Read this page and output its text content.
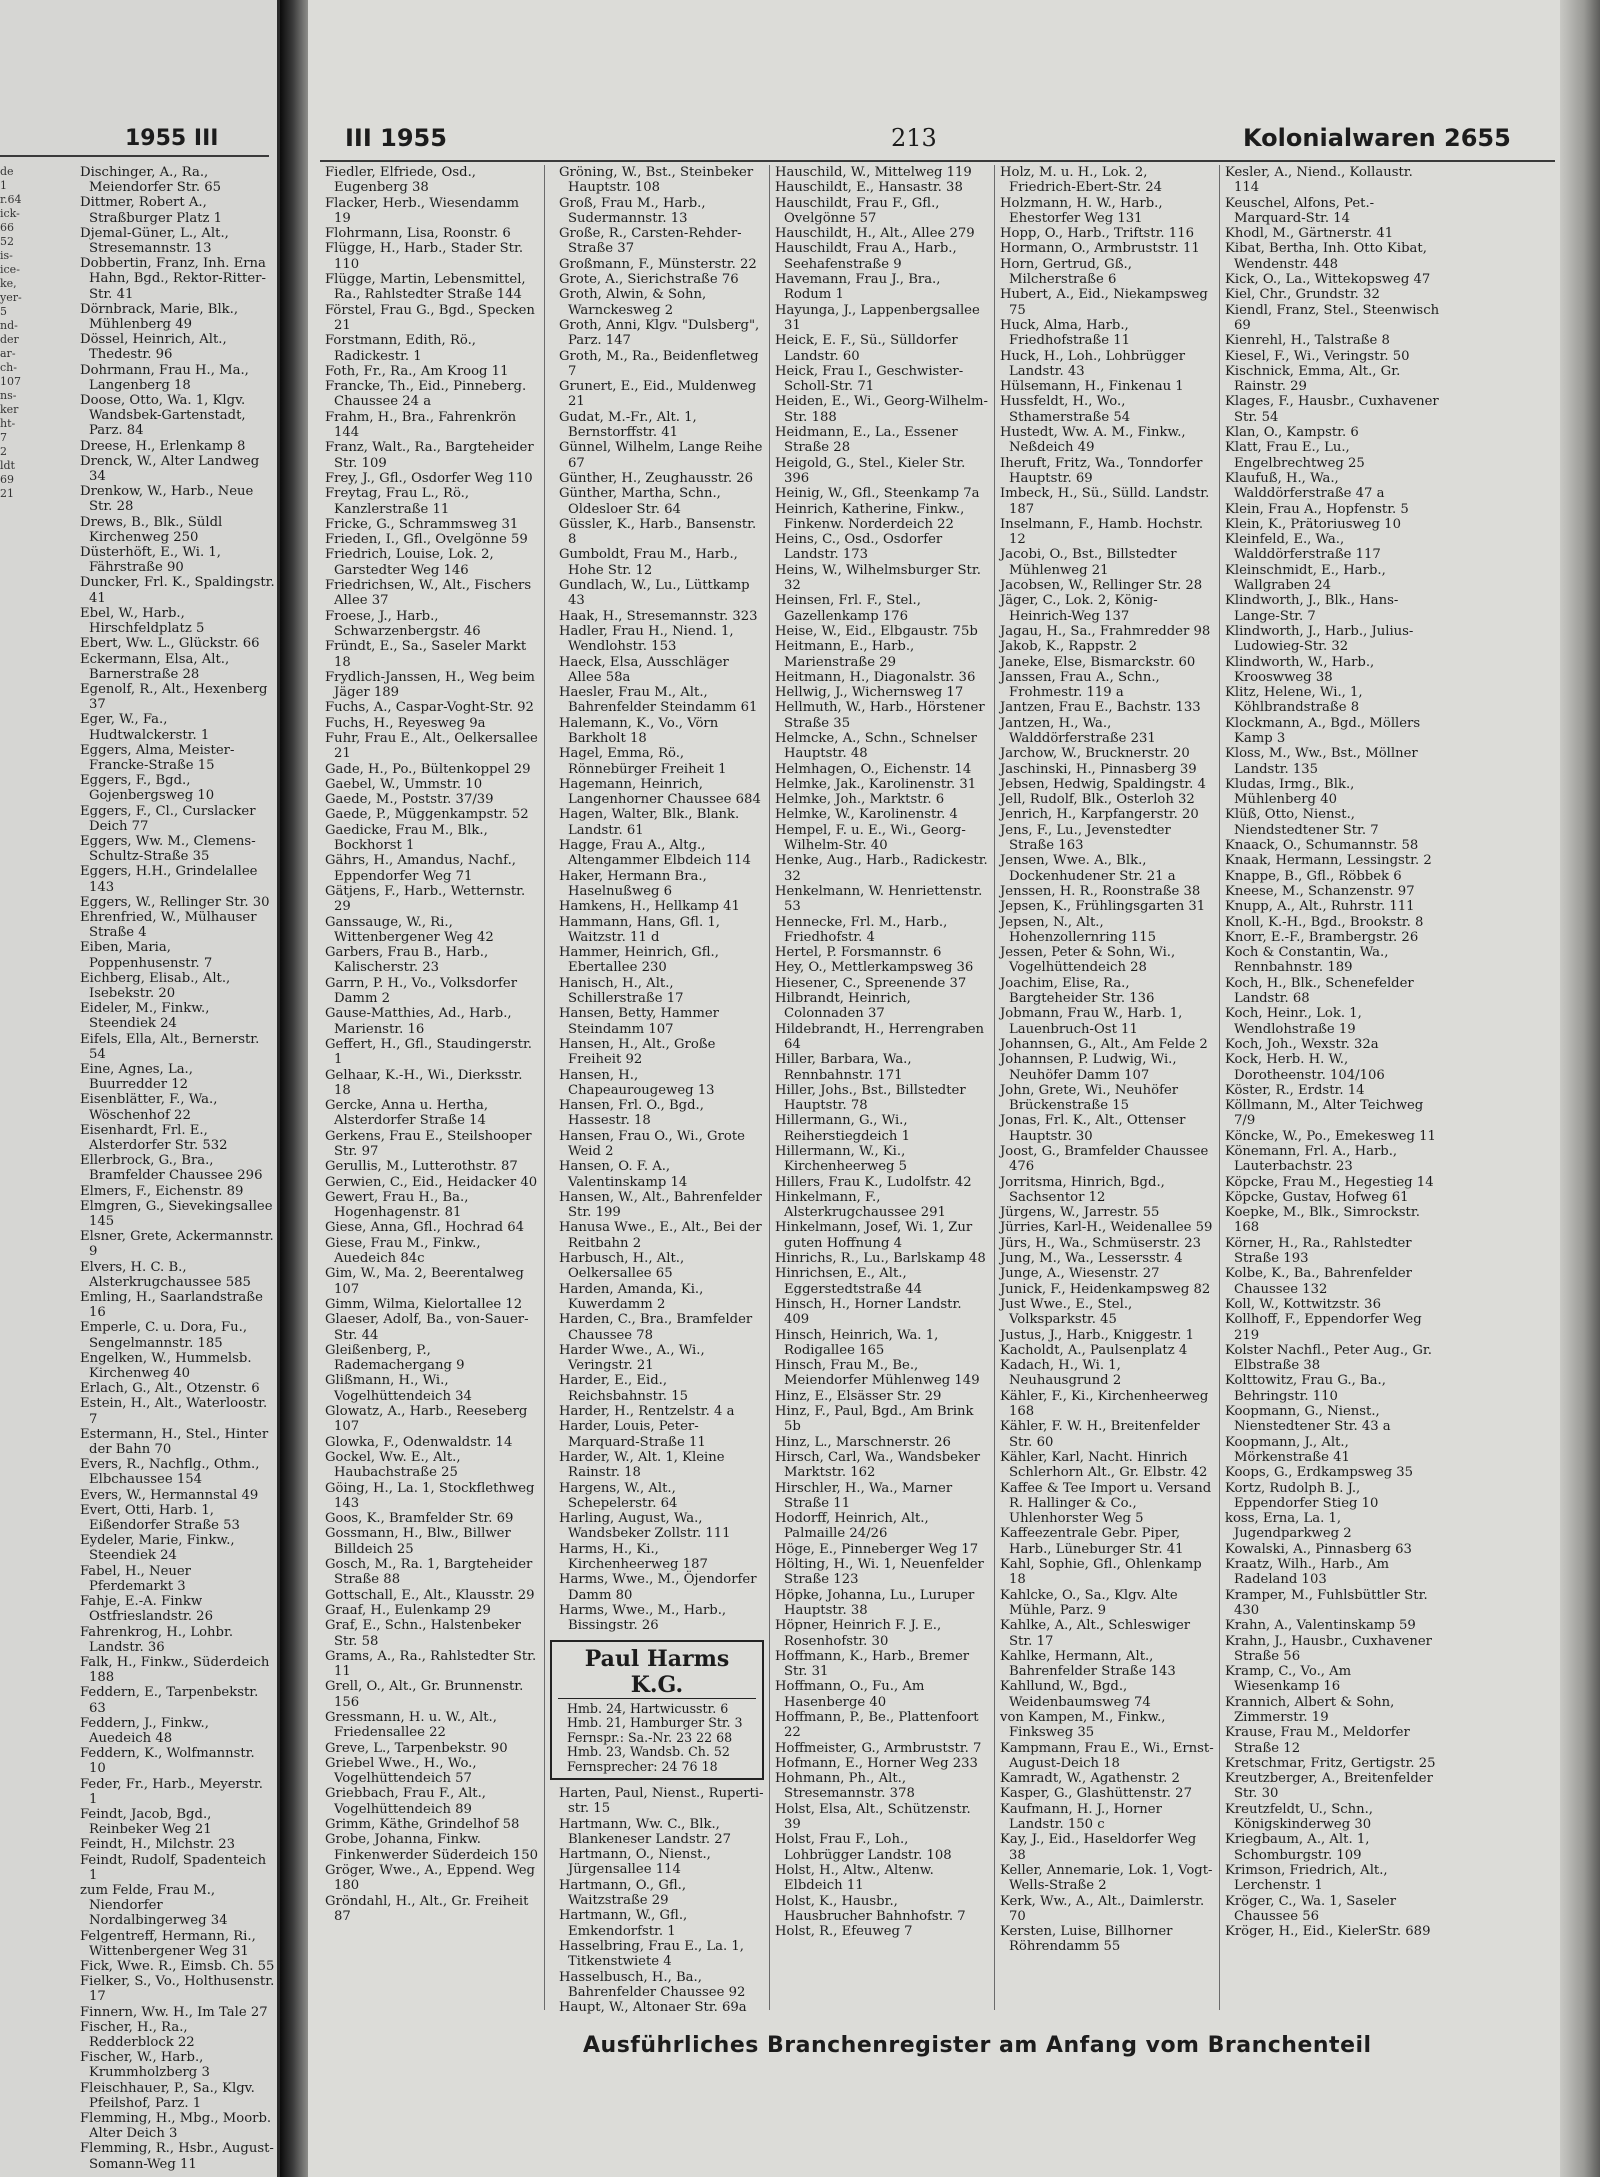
1955 III
de 1
r.64
ick-
66
52
is-
ice-
ke,
yer-
5
nd-
der
ar-
ch-
107
ns-
ker
ht-
7
2
ldt
69
21
Dischinger, A., Ra., Meiendorfer Str. 65
Dittmer, Robert A., Straßburger Platz 1
Djemal-Güner, L., Alt., Stresemannstr. 13
Dobbertin, Franz, Inh. Erna Hahn, Bgd., Rektor-Ritter-Str. 41
Dörnbrack, Marie, Blk., Mühlenberg 49
Dössel, Heinrich, Alt., Thedestr. 96
Dohrmann, Frau H., Ma., Langenberg 18
Doose, Otto, Wa. 1, Klgv. Wandsbek-Gartenstadt, Parz. 84
Dreese, H., Erlenkamp 8
Drenck, W., Alter Landweg 34
Drenkow, W., Harb., Neue Str. 28
Drews, B., Blk., Süldl Kirchenweg 250
Düsterhöft, E., Wi. 1, Fährstraße 90
Duncker, Frl. K., Spaldingstr. 41
Ebel, W., Harb., Hirschfeldplatz 5
Ebert, Ww. L., Glückstr. 66
Eckermann, Elsa, Alt., Barnerstraße 28
Egenolf, R., Alt., Hexenberg 37
Eger, W., Fa., Hudtwalckerstr. 1
Eggers, Alma, Meister-Francke-Straße 15
Eggers, F., Bgd., Gojenbergsweg 10
Eggers, F., Cl., Curslacker Deich 77
Eggers, Ww. M., Clemens-Schultz-Straße 35
Eggers, H.H., Grindelallee 143
Eggers, W., Rellinger Str. 30
Ehrenfried, W., Mülhauser Straße 4
Eiben, Maria, Poppenhusenstr. 7
Eichberg, Elisab., Alt., Isebekstr. 20
Eideler, M., Finkw., Steendiek 24
Eifels, Ella, Alt., Bernerstr. 54
Eine, Agnes, La., Buurredder 12
Eisenblätter, F., Wa., Wöschenhof 22
Eisenhardt, Frl. E., Alsterdorfer Str. 532
Ellerbrock, G., Bra., Bramfelder Chaussee 296
Elmers, F., Eichenstr. 89
Elmgren, G., Sievekingsallee 145
Elsner, Grete, Ackermannstr. 9
Elvers, H. C. B., Alsterkrugchaussee 585
Emling, H., Saarlandstraße 16
Emperle, C. u. Dora, Fu., Sengelmannstr. 185
Engelken, W., Hummelsb. Kirchenweg 40
Erlach, G., Alt., Otzenstr. 6
Estein, H., Alt., Waterloostr. 7
Estermann, H., Stel., Hinter der Bahn 70
Evers, R., Nachflg., Othm., Elbchaussee 154
Evers, W., Hermannstal 49
Evert, Otti, Harb. 1, Eißendorfer Straße 53
Eydeler, Marie, Finkw., Steendiek 24
Fabel, H., Neuer Pferdemarkt 3
Fahje, E.-A. Finkw Ostfrieslandstr. 26
Fahrenkrog, H., Lohbr. Landstr. 36
Falk, H., Finkw., Süderdeich 188
Feddern, E., Tarpenbekstr. 63
Feddern, J., Finkw., Auedeich 48
Feddern, K., Wolfmannstr. 10
Feder, Fr., Harb., Meyerstr. 1
Feindt, Jacob, Bgd., Reinbeker Weg 21
Feindt, H., Milchstr. 23
Feindt, Rudolf, Spadenteich 1
zum Felde, Frau M., Niendorfer Nordalbingerweg 34
Felgentreff, Hermann, Ri., Wittenbergener Weg 31
Fick, Wwe. R., Eimsb. Ch. 55
Fielker, S., Vo., Holthusenstr. 17
Finnern, Ww. H., Im Tale 27
Fischer, H., Ra., Redderblock 22
Fischer, W., Harb., Krummholzberg 3
Fleischhauer, P., Sa., Klgv. Pfeilshof, Parz. 1
Flemming, H., Mbg., Moorb. Alter Deich 3
Flemming, R., Hsbr., August-Somann-Weg 11
III 1955	213	Kolonialwaren 2655
Fiedler, Elfriede, Osd., Eugenberg 38
Flacker, Herb., Wiesendamm 19
Flohrmann, Lisa, Roonstr. 6
Flügge, H., Harb., Stader Str. 110
Flügge, Martin, Lebensmittel, Ra., Rahlstedter Straße 144
Förstel, Frau G., Bgd., Specken 21
Forstmann, Edith, Rö., Radickestr. 1
Foth, Fr., Ra., Am Kroog 11
Francke, Th., Eid., Pinneberg. Chaussee 24 a
Frahm, H., Bra., Fahrenkrön 144
Franz, Walt., Ra., Bargteheider Str. 109
Frey, J., Gfl., Osdorfer Weg 110
Freytag, Frau L., Rö., Kanzlerstraße 11
Fricke, G., Schrammsweg 31
Frieden, I., Gfl., Ovelgönne 59
Friedrich, Louise, Lok. 2, Garstedter Weg 146
Friedrichsen, W., Alt., Fischers Allee 37
Froese, J., Harb., Schwarzenbergstr. 46
Fründt, E., Sa., Saseler Markt 18
Frydlich-Janssen, H., Weg beim Jäger 189
Fuchs, A., Caspar-Voght-Str. 92
Fuchs, H., Reyesweg 9a
Fuhr, Frau E., Alt., Oelkersallee 21
Gade, H., Po., Bültenkoppel 29
Gaebel, W., Ummstr. 10
Gaede, M., Poststr. 37/39
Gaede, P., Müggenkampstr. 52
Gaedicke, Frau M., Blk., Bockhorst 1
Gährs, H., Amandus, Nachf., Eppendorfer Weg 71
Gätjens, F., Harb., Wetternstr. 29
Ganssauge, W., Ri., Wittenbergener Weg 42
Garbers, Frau B., Harb., Kalischerstr. 23
Garrn, P. H., Vo., Volksdorfer Damm 2
Gause-Matthies, Ad., Harb., Marienstr. 16
Geffert, H., Gfl., Staudingerstr. 1
Gelhaar, K.-H., Wi., Dierksstr. 18
Gercke, Anna u. Hertha, Alsterdorfer Straße 14
Gerkens, Frau E., Steilshooper Str. 97
Gerullis, M., Lutterothstr. 87
Gerwien, C., Eid., Heidacker 40
Gewert, Frau H., Ba., Hogenhagenstr. 81
Giese, Anna, Gfl., Hochrad 64
Giese, Frau M., Finkw., Auedeich 84c
Gim, W., Ma. 2, Beerentalweg 107
Gimm, Wilma, Kielortallee 12
Glaeser, Adolf, Ba., von-Sauer-Str. 44
Gleißenberg, P., Rademachergang 9
Glißmann, H., Wi., Vogelhüttendeich 34
Glowatz, A., Harb., Reeseberg 107
Glowka, F., Odenwaldstr. 14
Gockel, Ww. E., Alt., Haubachstraße 25
Göing, H., La. 1, Stockflethweg 143
Goos, K., Bramfelder Str. 69
Gossmann, H., Blw., Billwer Billdeich 25
Gosch, M., Ra. 1, Bargteheider Straße 88
Gottschall, E., Alt., Klausstr. 29
Graaf, H., Eulenkamp 29
Graf, E., Schn., Halstenbeker Str. 58
Grams, A., Ra., Rahlstedter Str. 11
Grell, O., Alt., Gr. Brunnenstr. 156
Gressmann, H. u. W., Alt., Friedensallee 22
Greve, L., Tarpenbekstr. 90
Griebel Wwe., H., Wo., Vogelhüttendeich 57
Griebbach, Frau F., Alt., Vogelhüttendeich 89
Grimm, Käthe, Grindelhof 58
Grobe, Johanna, Finkw. Finkenwerder Süderdeich 150
Gröger, Wwe., A., Eppend. Weg 180
Gröndahl, H., Alt., Gr. Freiheit 87
Gröning, W., Bst., Steinbeker Hauptstr. 108
Groß, Frau M., Harb., Sudermannstr. 13
Große, R., Carsten-Rehder-Straße 37
Großmann, F., Münsterstr. 22
Grote, A., Sierichstraße 76
Groth, Alwin, & Sohn, Warnckesweg 2
Groth, Anni, Klgv. "Dulsberg", Parz. 147
Groth, M., Ra., Beidenfletweg 7
Grunert, E., Eid., Muldenweg 21
Gudat, M.-Fr., Alt. 1, Bernstorffstr. 41
Günnel, Wilhelm, Lange Reihe 67
Günther, H., Zeughausstr. 26
Günther, Martha, Schn., Oldesloer Str. 64
Güssler, K., Harb., Bansenstr. 8
Gumboldt, Frau M., Harb., Hohe Str. 12
Gundlach, W., Lu., Lüttkamp 43
Haak, H., Stresemannstr. 323
Hadler, Frau H., Niend. 1, Wendlohstr. 153
Haeck, Elsa, Ausschläger Allee 58a
Haesler, Frau M., Alt., Bahrenfelder Steindamm 61
Halemann, K., Vo., Vörn Barkholt 18
Hagel, Emma, Rö., Rönnebürger Freiheit 1
Hagemann, Heinrich, Langenhorner Chaussee 684
Hagen, Walter, Blk., Blank. Landstr. 61
Hagge, Frau A., Altg., Altengammer Elbdeich 114
Haker, Hermann Bra., Haselnußweg 6
Hamkens, H., Hellkamp 41
Hammann, Hans, Gfl. 1, Waitzstr. 11 d
Hammer, Heinrich, Gfl., Ebertallee 230
Hanisch, H., Alt., Schillerstraße 17
Hansen, Betty, Hammer Steindamm 107
Hansen, H., Alt., Große Freiheit 92
Hansen, H., Chapeaurougeweg 13
Hansen, Frl. O., Bgd., Hassestr. 18
Hansen, Frau O., Wi., Grote Weid 2
Hansen, O. F. A., Valentinskamp 14
Hansen, W., Alt., Bahrenfelder Str. 199
Hanusa Wwe., E., Alt., Bei der Reitbahn 2
Harbusch, H., Alt., Oelkersallee 65
Harden, Amanda, Ki., Kuwerdamm 2
Harden, C., Bra., Bramfelder Chaussee 78
Harder Wwe., A., Wi., Veringstr. 21
Harder, E., Eid., Reichsbahnstr. 15
Harder, H., Rentzelstr. 4 a
Harder, Louis, Peter-Marquard-Straße 11
Harder, W., Alt. 1, Kleine Rainstr. 18
Hargens, W., Alt., Schepelerstr. 64
Harling, August, Wa., Wandsbeker Zollstr. 111
Harms, H., Ki., Kirchenheerweg 187
Harms, Wwe., M., Öjendorfer Damm 80
Harms, Wwe., M., Harb., Bissingstr. 26
Paul Harms K.G.
Hmb. 24, Hartwicusstr. 6
Hmb. 21, Hamburger Str. 3
Fernspr.: Sa.-Nr. 23 22 68
Hmb. 23, Wandsb. Ch. 52
Fernsprecher: 24 76 18
Harten, Paul, Nienst., Ruperti-str. 15
Hartmann, Ww. C., Blk., Blankeneser Landstr. 27
Hartmann, O., Nienst., Jürgensallee 114
Hartmann, O., Gfl., Waitzstraße 29
Hartmann, W., Gfl., Emkendorfstr. 1
Hasselbring, Frau E., La. 1, Titkenstwiete 4
Hasselbusch, H., Ba., Bahrenfelder Chaussee 92
Haupt, W., Altonaer Str. 69a
Hauschild, W., Mittelweg 119
Hauschildt, E., Hansastr. 38
Hauschildt, Frau F., Gfl., Ovelgönne 57
Hauschildt, H., Alt., Allee 279
Hauschildt, Frau A., Harb., Seehafenstraße 9
Havemann, Frau J., Bra., Rodum 1
Hayunga, J., Lappenbergsallee 31
Heick, E. F., Sü., Sülldorfer Landstr. 60
Heick, Frau I., Geschwister-Scholl-Str. 71
Heiden, E., Wi., Georg-Wilhelm-Str. 188
Heidmann, E., La., Essener Straße 28
Heigold, G., Stel., Kieler Str. 396
Heinig, W., Gfl., Steenkamp 7a
Heinrich, Katherine, Finkw., Finkenw. Norderdeich 22
Heins, C., Osd., Osdorfer Landstr. 173
Heins, W., Wilhelmsburger Str. 32
Heinsen, Frl. F., Stel., Gazellenkamp 176
Heise, W., Eid., Elbgaustr. 75b
Heitmann, E., Harb., Marienstraße 29
Heitmann, H., Diagonalstr. 36
Hellwig, J., Wichernsweg 17
Hellmuth, W., Harb., Hörstener Straße 35
Helmcke, A., Schn., Schnelser Hauptstr. 48
Helmhagen, O., Eichenstr. 14
Helmke, Jak., Karolinenstr. 31
Helmke, Joh., Marktstr. 6
Helmke, W., Karolinenstr. 4
Hempel, F. u. E., Wi., Georg-Wilhelm-Str. 40
Henke, Aug., Harb., Radickestr. 32
Henkelmann, W. Henriettenstr. 53
Hennecke, Frl. M., Harb., Friedhofstr. 4
Hertel, P. Forsmannstr. 6
Hey, O., Mettlerkampsweg 36
Hiesener, C., Spreenende 37
Hilbrandt, Heinrich, Colonnaden 37
Hildebrandt, H., Herrengraben 64
Hiller, Barbara, Wa., Rennbahnstr. 171
Hiller, Johs., Bst., Billstedter Hauptstr. 78
Hillermann, G., Wi., Reiherstiegdeich 1
Hillermann, W., Ki., Kirchenheerweg 5
Hillers, Frau K., Ludolfstr. 42
Hinkelmann, F., Alsterkrugchaussee 291
Hinkelmann, Josef, Wi. 1, Zur guten Hoffnung 4
Hinrichs, R., Lu., Barlskamp 48
Hinrichsen, E., Alt., Eggerstedtstraße 44
Hinsch, H., Horner Landstr. 409
Hinsch, Heinrich, Wa. 1, Rodigallee 165
Hinsch, Frau M., Be., Meiendorfer Mühlenweg 149
Hinz, E., Elsässer Str. 29
Hinz, F., Paul, Bgd., Am Brink 5b
Hinz, L., Marschnerstr. 26
Hirsch, Carl, Wa., Wandsbeker Marktstr. 162
Hirschler, H., Wa., Marner Straße 11
Hodorff, Heinrich, Alt., Palmaille 24/26
Höge, E., Pinneberger Weg 17
Hölting, H., Wi. 1, Neuenfelder Straße 123
Höpke, Johanna, Lu., Luruper Hauptstr. 38
Höpner, Heinrich F. J. E., Rosenhofstr. 30
Hoffmann, K., Harb., Bremer Str. 31
Hoffmann, O., Fu., Am Hasenberge 40
Hoffmann, P., Be., Plattenfoort 22
Hoffmeister, G., Armbruststr. 7
Hofmann, E., Horner Weg 233
Hohmann, Ph., Alt., Stresemannstr. 378
Holst, Elsa, Alt., Schützenstr. 39
Holst, Frau F., Loh., Lohbrügger Landstr. 108
Holst, H., Altw., Altenw. Elbdeich 11
Holst, K., Hausbr., Hausbrucher Bahnhofstr. 7
Holst, R., Efeuweg 7
Holz, M. u. H., Lok. 2, Friedrich-Ebert-Str. 24
Holzmann, H. W., Harb., Ehestorfer Weg 131
Hopp, O., Harb., Triftstr. 116
Hormann, O., Armbruststr. 11
Horn, Gertrud, Gß., Milcherstraße 6
Hubert, A., Eid., Niekampsweg 75
Huck, Alma, Harb., Friedhofstraße 11
Huck, H., Loh., Lohbrügger Landstr. 43
Hülsemann, H., Finkenau 1
Hussfeldt, H., Wo., Sthamerstraße 54
Hustedt, Ww. A. M., Finkw., Neßdeich 49
Iheruft, Fritz, Wa., Tonndorfer Hauptstr. 69
Imbeck, H., Sü., Sülld. Landstr. 187
Inselmann, F., Hamb. Hochstr. 12
Jacobi, O., Bst., Billstedter Mühlenweg 21
Jacobsen, W., Rellinger Str. 28
Jäger, C., Lok. 2, König-Heinrich-Weg 137
Jagau, H., Sa., Frahmredder 98
Jakob, K., Rappstr. 2
Janeke, Else, Bismarckstr. 60
Janssen, Frau A., Schn., Frohmestr. 119 a
Jantzen, Frau E., Bachstr. 133
Jantzen, H., Wa., Walddörferstraße 231
Jarchow, W., Brucknerstr. 20
Jaschinski, H., Pinnasberg 39
Jebsen, Hedwig, Spaldingstr. 4
Jell, Rudolf, Blk., Osterloh 32
Jenrich, H., Karpfangerstr. 20
Jens, F., Lu., Jevenstedter Straße 163
Jensen, Wwe. A., Blk., Dockenhudener Str. 21 a
Jenssen, H. R., Roonstraße 38
Jepsen, K., Frühlingsgarten 31
Jepsen, N., Alt., Hohenzollernring 115
Jessen, Peter & Sohn, Wi., Vogelhüttendeich 28
Joachim, Elise, Ra., Bargteheider Str. 136
Jobmann, Frau W., Harb. 1, Lauenbruch-Ost 11
Johannsen, G., Alt., Am Felde 2
Johannsen, P. Ludwig, Wi., Neuhöfer Damm 107
John, Grete, Wi., Neuhöfer Brückenstraße 15
Jonas, Frl. K., Alt., Ottenser Hauptstr. 30
Joost, G., Bramfelder Chaussee 476
Jorritsma, Hinrich, Bgd., Sachsentor 12
Jürgens, W., Jarrestr. 55
Jürries, Karl-H., Weidenallee 59
Jürs, H., Wa., Schmüserstr. 23
Jung, M., Wa., Lessersstr. 4
Junge, A., Wiesenstr. 27
Junick, F., Heidenkampsweg 82
Just Wwe., E., Stel., Volksparkstr. 45
Justus, J., Harb., Kniggestr. 1
Kacholdt, A., Paulsenplatz 4
Kadach, H., Wi. 1, Neuhausgrund 2
Kähler, F., Ki., Kirchenheerweg 168
Kähler, F. W. H., Breitenfelder Str. 60
Kähler, Karl, Nacht. Hinrich Schlerhorn Alt., Gr. Elbstr. 42
Kaffee & Tee Import u. Versand R. Hallinger & Co., Uhlenhorster Weg 5
Kaffeezentrale Gebr. Piper, Harb., Lüneburger Str. 41
Kahl, Sophie, Gfl., Ohlenkamp 18
Kahlcke, O., Sa., Klgv. Alte Mühle, Parz. 9
Kahlke, A., Alt., Schleswiger Str. 17
Kahlke, Hermann, Alt., Bahrenfelder Straße 143
Kahllund, W., Bgd., Weidenbaumsweg 74
von Kampen, M., Finkw., Finksweg 35
Kampmann, Frau E., Wi., Ernst-August-Deich 18
Kamradt, W., Agathenstr. 2
Kasper, G., Glashüttenstr. 27
Kaufmann, H. J., Horner Landstr. 150 c
Kay, J., Eid., Haseldorfer Weg 38
Keller, Annemarie, Lok. 1, Vogt-Wells-Straße 2
Kerk, Ww., A., Alt., Daimlerstr. 70
Kersten, Luise, Billhorner Röhrendamm 55
Kesler, A., Niend., Kollaustr. 114
Keuschel, Alfons, Pet.-Marquard-Str. 14
Khodl, M., Gärtnerstr. 41
Kibat, Bertha, Inh. Otto Kibat, Wendenstr. 448
Kick, O., La., Wittekopsweg 47
Kiel, Chr., Grundstr. 32
Kiendl, Franz, Stel., Steenwisch 69
Kienrehl, H., Talstraße 8
Kiesel, F., Wi., Veringstr. 50
Kischnick, Emma, Alt., Gr. Rainstr. 29
Klages, F., Hausbr., Cuxhavener Str. 54
Klan, O., Kampstr. 6
Klatt, Frau E., Lu., Engelbrechtweg 25
Klaufuß, H., Wa., Walddörferstraße 47 a
Klein, Frau A., Hopfenstr. 5
Klein, K., Prätoriusweg 10
Kleinfeld, E., Wa., Walddörferstraße 117
Kleinschmidt, E., Harb., Wallgraben 24
Klindworth, J., Blk., Hans-Lange-Str. 7
Klindworth, J., Harb., Julius-Ludowieg-Str. 32
Klindworth, W., Harb., Krooswweg 38
Klitz, Helene, Wi., 1, Köhlbrandstraße 8
Klockmann, A., Bgd., Möllers Kamp 3
Kloss, M., Ww., Bst., Möllner Landstr. 135
Kludas, Irmg., Blk., Mühlenberg 40
Klüß, Otto, Nienst., Niendstedtener Str. 7
Knaack, O., Schumannstr. 58
Knaak, Hermann, Lessingstr. 2
Knappe, B., Gfl., Röbbek 6
Kneese, M., Schanzenstr. 97
Knupp, A., Alt., Ruhrstr. 111
Knoll, K.-H., Bgd., Brookstr. 8
Knorr, E.-F., Brambergstr. 26
Koch & Constantin, Wa., Rennbahnstr. 189
Koch, H., Blk., Schenefelder Landstr. 68
Koch, Heinr., Lok. 1, Wendlohstraße 19
Koch, Joh., Wexstr. 32a
Kock, Herb. H. W., Dorotheenstr. 104/106
Köster, R., Erdstr. 14
Köllmann, M., Alter Teichweg 7/9
Köncke, W., Po., Emekesweg 11
Könemann, Frl. A., Harb., Lauterbachstr. 23
Köpcke, Frau M., Hegestieg 14
Köpcke, Gustav, Hofweg 61
Koepke, M., Blk., Simrockstr. 168
Körner, H., Ra., Rahlstedter Straße 193
Kolbe, K., Ba., Bahrenfelder Chaussee 132
Koll, W., Kottwitzstr. 36
Kollhoff, F., Eppendorfer Weg 219
Kolster Nachfl., Peter Aug., Gr. Elbstraße 38
Kolttowitz, Frau G., Ba., Behringstr. 110
Koopmann, G., Nienst., Nienstedtener Str. 43 a
Koopmann, J., Alt., Mörkenstraße 41
Koops, G., Erdkampsweg 35
Kortz, Rudolph B. J., Eppendorfer Stieg 10
koss, Erna, La. 1, Jugendparkweg 2
Kowalski, A., Pinnasberg 63
Kraatz, Wilh., Harb., Am Radeland 103
Kramper, M., Fuhlsbüttler Str. 430
Krahn, A., Valentinskamp 59
Krahn, J., Hausbr., Cuxhavener Straße 56
Kramp, C., Vo., Am Wiesenkamp 16
Krannich, Albert & Sohn, Zimmerstr. 19
Krause, Frau M., Meldorfer Straße 12
Kretschmar, Fritz, Gertigstr. 25
Kreutzberger, A., Breitenfelder Str. 30
Kreutzfeldt, U., Schn., Königskinderweg 30
Kriegbaum, A., Alt. 1, Schomburgstr. 109
Krimson, Friedrich, Alt., Lerchenstr. 1
Kröger, C., Wa. 1, Saseler Chaussee 56
Kröger, H., Eid., KielerStr. 689
Ausführliches Branchenregister am Anfang vom Branchenteil
